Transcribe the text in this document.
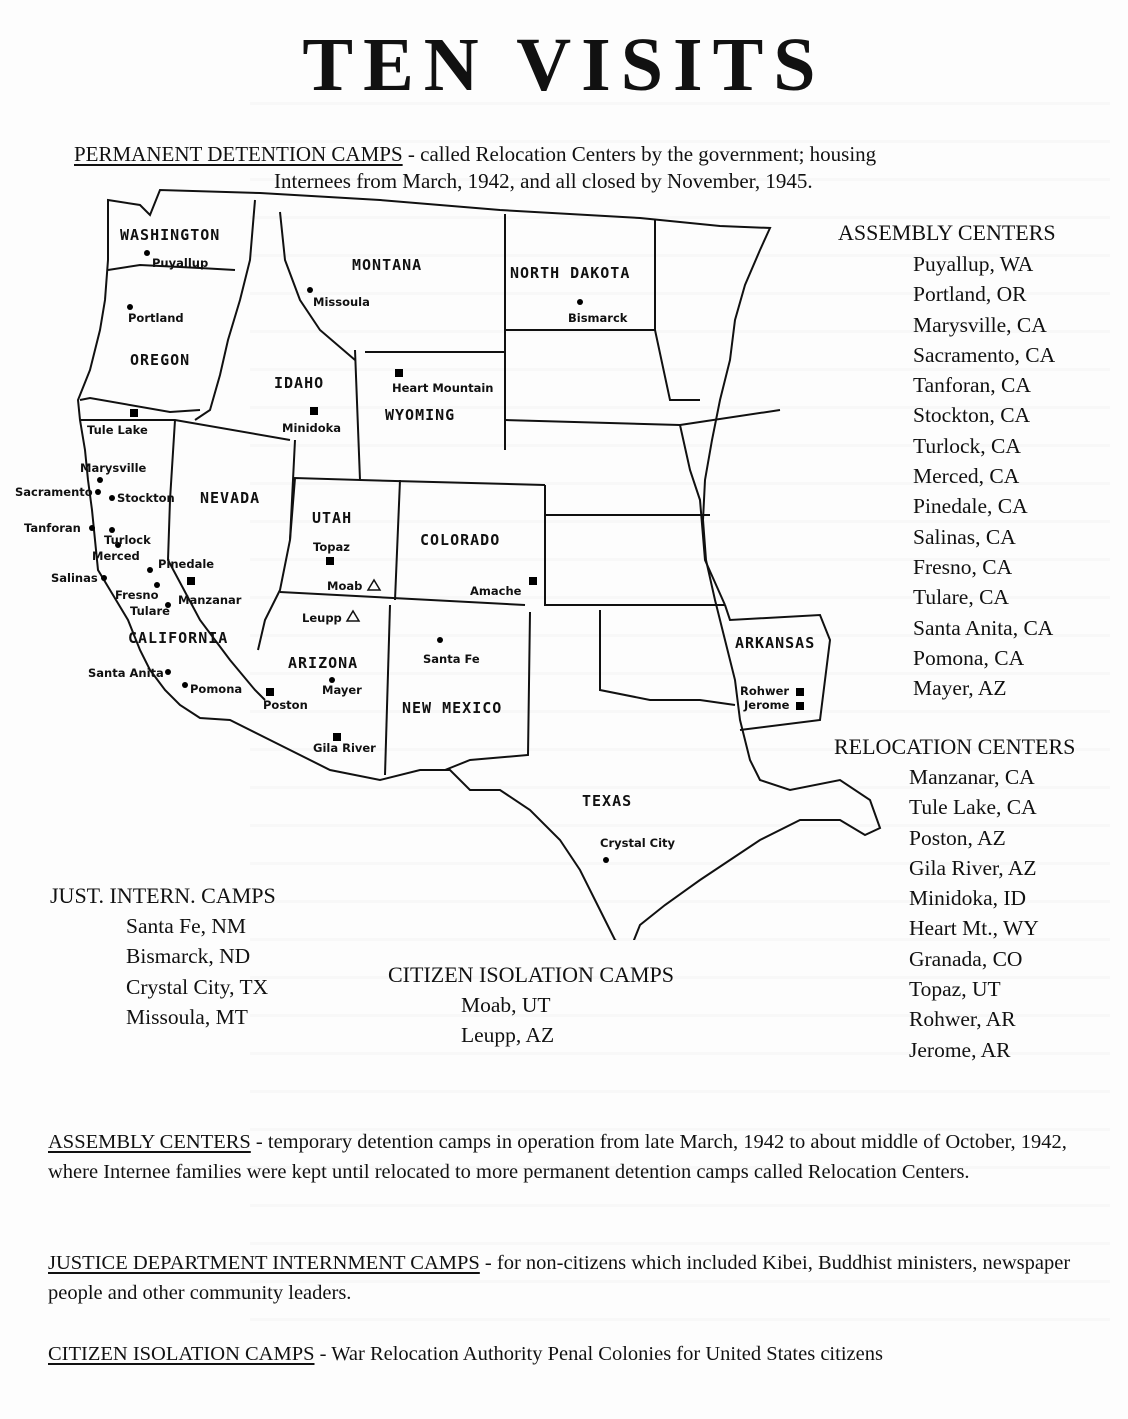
TEN VISITS
PERMANENT DETENTION CAMPS - called Relocation Centers by the government; housing
Internees from March, 1942, and all closed by November, 1945.
WASHINGTON
OREGON
CALIFORNIA
NEVADA
IDAHO
MONTANA
WYOMING
UTAH
COLORADO
ARIZONA
NEW MEXICO
NORTH DAKOTA
TEXAS
ARKANSAS
Puyallup
Portland
Missoula
Bismarck
Heart Mountain
Tule Lake	Minidoka
Marysville
Sacramento Stockton
Tanforan
Turlock
Merced
Pinedale
Salinas
Fresno
Tulare
Manzanar
Topaz
Moab	Amache
Leupp
Santa Fe
Santa Anita
Pomona	Mayer
Poston
Gila River
Rohwer
Jerome
Crystal City
ASSEMBLY CENTERS
Puyallup, WA
Portland, OR
Marysville, CA
Sacramento, CA
Tanforan, CA
Stockton, CA
Turlock, CA
Merced, CA
Pinedale, CA
Salinas, CA
Fresno, CA
Tulare, CA
Santa Anita, CA
Pomona, CA
Mayer, AZ
RELOCATION CENTERS
Manzanar, CA
Tule Lake, CA
Poston, AZ
Gila River, AZ
Minidoka, ID
Heart Mt., WY
Granada, CO
Topaz, UT
Rohwer, AR
Jerome, AR
JUST. INTERN. CAMPS
Santa Fe, NM
Bismarck, ND
Crystal City, TX
Missoula, MT
CITIZEN ISOLATION CAMPS
Moab, UT
Leupp, AZ
ASSEMBLY CENTERS - temporary detention camps in operation from late March, 1942 to about middle of October, 1942, where Internee families were kept until relocated to more permanent detention camps called Relocation Centers.
JUSTICE DEPARTMENT INTERNMENT CAMPS - for non-citizens which included Kibei, Buddhist ministers, newspaper people and other community leaders.
CITIZEN ISOLATION CAMPS - War Relocation Authority Penal Colonies for United States citizens
